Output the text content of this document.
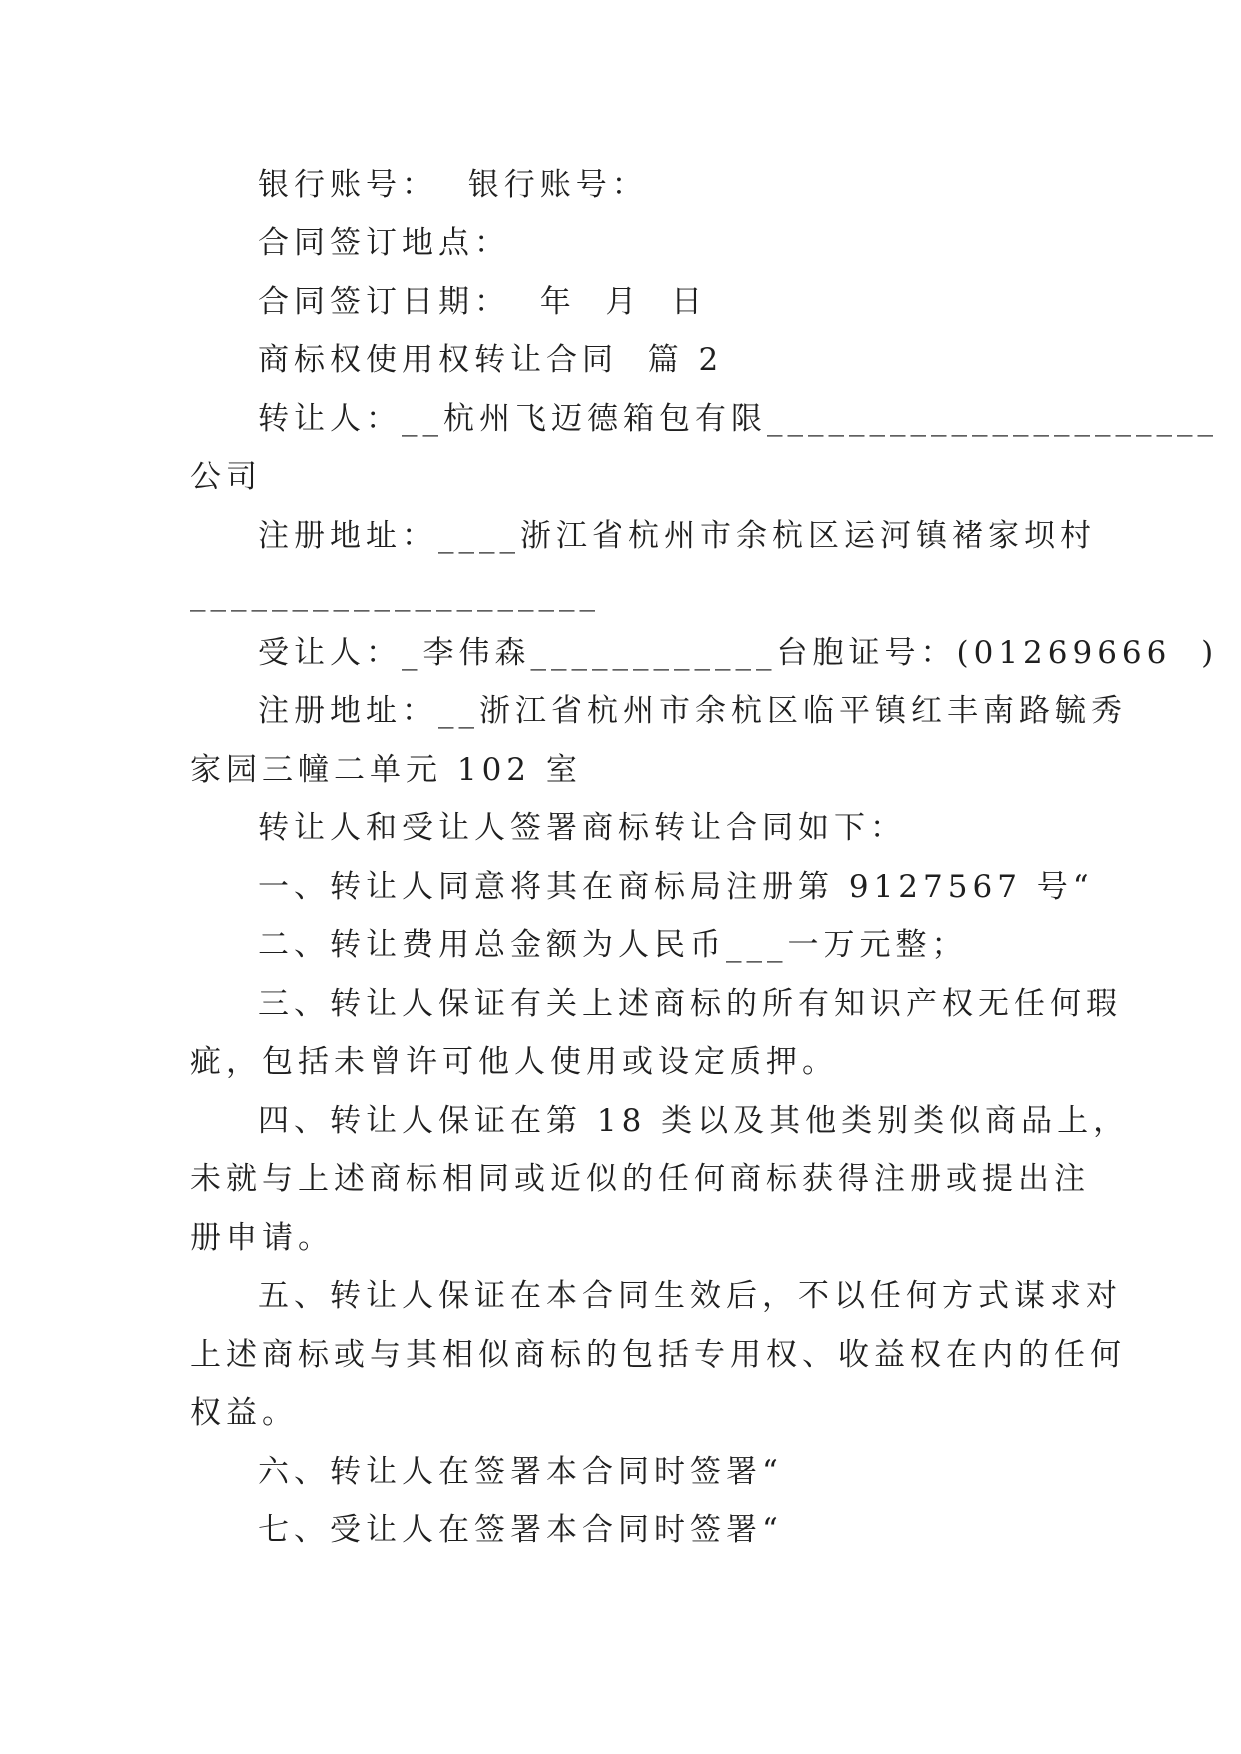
银行账号：  银行账号：
合同签订地点：
合同签订日期：  年  月  日
商标权使用权转让合同  篇 2
转让人：__杭州飞迈德箱包有限______________________
公司
注册地址：____浙江省杭州市余杭区运河镇褚家坝村
____________________
受让人：_李伟森____________台胞证号：(01269666  )
注册地址：__浙江省杭州市余杭区临平镇红丰南路毓秀
家园三幢二单元 102 室
转让人和受让人签署商标转让合同如下：
一、转让人同意将其在商标局注册第 9127567 号“
二、转让费用总金额为人民币___一万元整；
三、转让人保证有关上述商标的所有知识产权无任何瑕
疵，包括未曾许可他人使用或设定质押。
四、转让人保证在第 18 类以及其他类别类似商品上，
未就与上述商标相同或近似的任何商标获得注册或提出注
册申请。
五、转让人保证在本合同生效后，不以任何方式谋求对
上述商标或与其相似商标的包括专用权、收益权在内的任何
权益。
六、转让人在签署本合同时签署“
七、受让人在签署本合同时签署“
